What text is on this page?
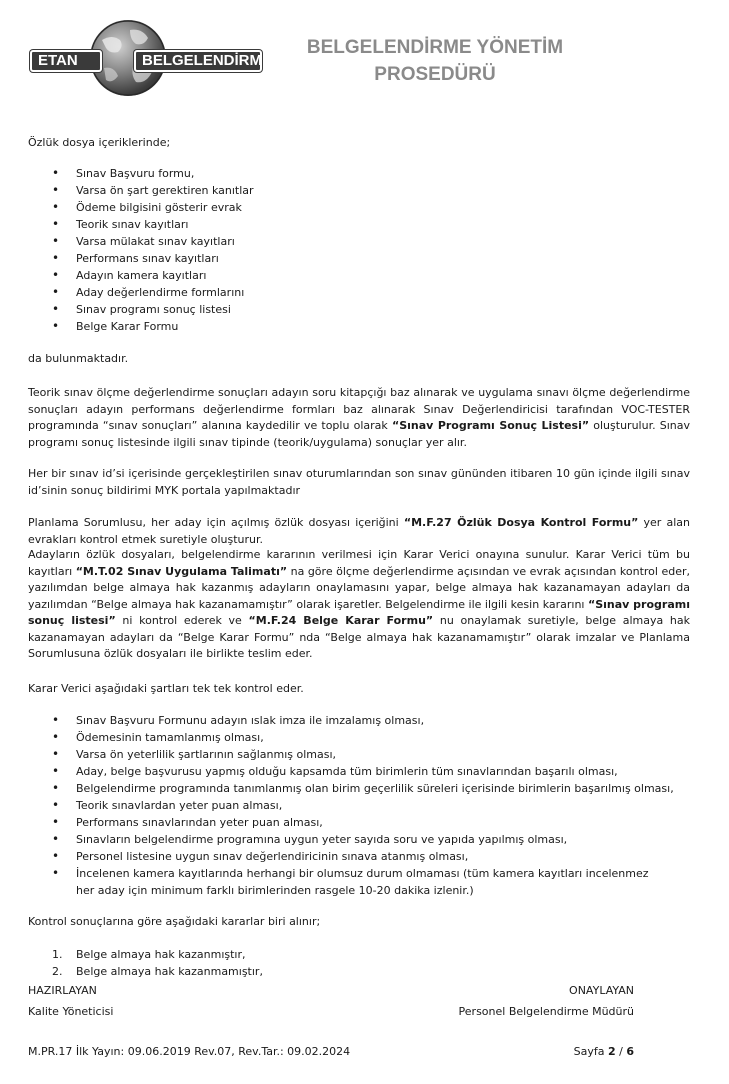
ETAN	BELGELENDİRME
BELGELENDİRME YÖNETİM
PROSEDÜRÜ
Özlük dosya içeriklerinde;
• Sınav Başvuru formu,
• Varsa ön şart gerektiren kanıtlar
• Ödeme bilgisini gösterir evrak
• Teorik sınav kayıtları
• Varsa mülakat sınav kayıtları
• Performans sınav kayıtları
• Adayın kamera kayıtları
• Aday değerlendirme formlarını
• Sınav programı sonuç listesi
• Belge Karar Formu
da bulunmaktadır.
Teorik sınav ölçme değerlendirme sonuçları adayın soru kitapçığı baz alınarak ve uygulama sınavı ölçme değerlendirme sonuçları adayın performans değerlendirme formları baz alınarak Sınav Değerlendiricisi tarafından VOC-TESTER programında “sınav sonuçları” alanına kaydedilir ve toplu olarak “Sınav Programı Sonuç Listesi” oluşturulur. Sınav programı sonuç listesinde ilgili sınav tipinde (teorik/uygulama) sonuçlar yer alır.
Her bir sınav id’si içerisinde gerçekleştirilen sınav oturumlarından son sınav gününden itibaren 10 gün içinde ilgili sınav id’sinin sonuç bildirimi MYK portala yapılmaktadır
Planlama Sorumlusu, her aday için açılmış özlük dosyası içeriğini “M.F.27 Özlük Dosya Kontrol Formu” yer alan evrakları kontrol etmek suretiyle oluşturur.
Adayların özlük dosyaları, belgelendirme kararının verilmesi için Karar Verici onayına sunulur. Karar Verici tüm bu kayıtları “M.T.02 Sınav Uygulama Talimatı” na göre ölçme değerlendirme açısından ve evrak açısından kontrol eder, yazılımdan belge almaya hak kazanmış adayların onaylamasını yapar, belge almaya hak kazanamayan adayları da yazılımdan “Belge almaya hak kazanamamıştır” olarak işaretler. Belgelendirme ile ilgili kesin kararını “Sınav programı sonuç listesi” ni kontrol ederek ve “M.F.24 Belge Karar Formu” nu onaylamak suretiyle, belge almaya hak kazanamayan adayları da “Belge Karar Formu” nda “Belge almaya hak kazanamamıştır” olarak imzalar ve Planlama Sorumlusuna özlük dosyaları ile birlikte teslim eder.
Karar Verici aşağıdaki şartları tek tek kontrol eder.
• Sınav Başvuru Formunu adayın ıslak imza ile imzalamış olması,
• Ödemesinin tamamlanmış olması,
• Varsa ön yeterlilik şartlarının sağlanmış olması,
• Aday, belge başvurusu yapmış olduğu kapsamda tüm birimlerin tüm sınavlarından başarılı olması,
• Belgelendirme programında tanımlanmış olan birim geçerlilik süreleri içerisinde birimlerin başarılmış olması,
• Teorik sınavlardan yeter puan alması,
• Performans sınavlarından yeter puan alması,
• Sınavların belgelendirme programına uygun yeter sayıda soru ve yapıda yapılmış olması,
• Personel listesine uygun sınav değerlendiricinin sınava atanmış olması,
• İncelenen kamera kayıtlarında herhangi bir olumsuz durum olmaması (tüm kamera kayıtları incelenmez her aday için minimum farklı birimlerinden rasgele 10-20 dakika izlenir.)
Kontrol sonuçlarına göre aşağıdaki kararlar biri alınır;
1. Belge almaya hak kazanmıştır,
2. Belge almaya hak kazanmamıştır,
HAZIRLAYAN
Kalite Yöneticisi
ONAYLAYAN
Personel Belgelendirme Müdürü
M.PR.17 İlk Yayın: 09.06.2019 Rev.07, Rev.Tar.: 09.02.2024	Sayfa 2 / 6
